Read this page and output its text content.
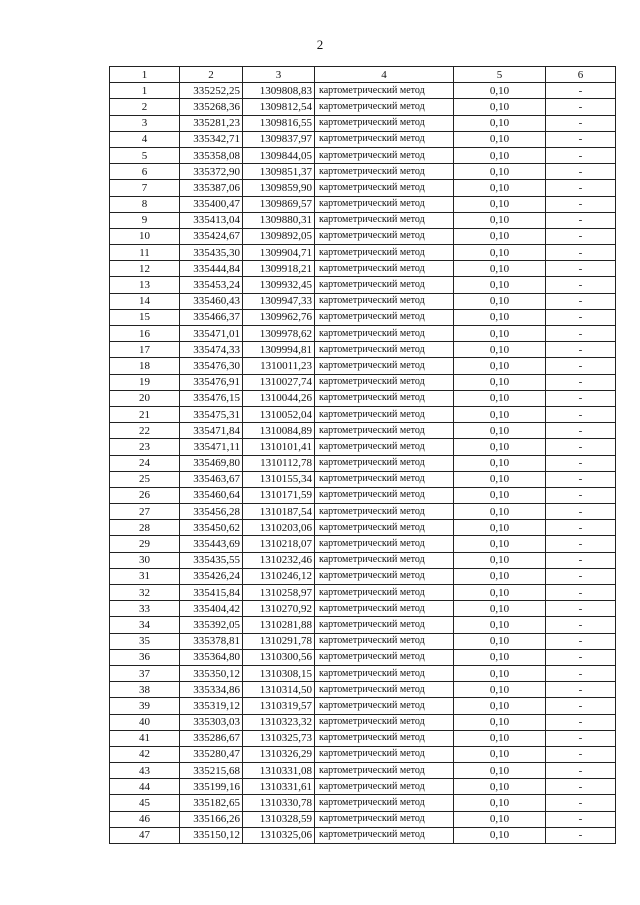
2
1	2	3	4	5	6
1	335252,25	1309808,83	картометрический метод	0,10	-
2	335268,36	1309812,54	картометрический метод	0,10	-
3	335281,23	1309816,55	картометрический метод	0,10	-
4	335342,71	1309837,97	картометрический метод	0,10	-
5	335358,08	1309844,05	картометрический метод	0,10	-
6	335372,90	1309851,37	картометрический метод	0,10	-
7	335387,06	1309859,90	картометрический метод	0,10	-
8	335400,47	1309869,57	картометрический метод	0,10	-
9	335413,04	1309880,31	картометрический метод	0,10	-
10	335424,67	1309892,05	картометрический метод	0,10	-
11	335435,30	1309904,71	картометрический метод	0,10	-
12	335444,84	1309918,21	картометрический метод	0,10	-
13	335453,24	1309932,45	картометрический метод	0,10	-
14	335460,43	1309947,33	картометрический метод	0,10	-
15	335466,37	1309962,76	картометрический метод	0,10	-
16	335471,01	1309978,62	картометрический метод	0,10	-
17	335474,33	1309994,81	картометрический метод	0,10	-
18	335476,30	1310011,23	картометрический метод	0,10	-
19	335476,91	1310027,74	картометрический метод	0,10	-
20	335476,15	1310044,26	картометрический метод	0,10	-
21	335475,31	1310052,04	картометрический метод	0,10	-
22	335471,84	1310084,89	картометрический метод	0,10	-
23	335471,11	1310101,41	картометрический метод	0,10	-
24	335469,80	1310112,78	картометрический метод	0,10	-
25	335463,67	1310155,34	картометрический метод	0,10	-
26	335460,64	1310171,59	картометрический метод	0,10	-
27	335456,28	1310187,54	картометрический метод	0,10	-
28	335450,62	1310203,06	картометрический метод	0,10	-
29	335443,69	1310218,07	картометрический метод	0,10	-
30	335435,55	1310232,46	картометрический метод	0,10	-
31	335426,24	1310246,12	картометрический метод	0,10	-
32	335415,84	1310258,97	картометрический метод	0,10	-
33	335404,42	1310270,92	картометрический метод	0,10	-
34	335392,05	1310281,88	картометрический метод	0,10	-
35	335378,81	1310291,78	картометрический метод	0,10	-
36	335364,80	1310300,56	картометрический метод	0,10	-
37	335350,12	1310308,15	картометрический метод	0,10	-
38	335334,86	1310314,50	картометрический метод	0,10	-
39	335319,12	1310319,57	картометрический метод	0,10	-
40	335303,03	1310323,32	картометрический метод	0,10	-
41	335286,67	1310325,73	картометрический метод	0,10	-
42	335280,47	1310326,29	картометрический метод	0,10	-
43	335215,68	1310331,08	картометрический метод	0,10	-
44	335199,16	1310331,61	картометрический метод	0,10	-
45	335182,65	1310330,78	картометрический метод	0,10	-
46	335166,26	1310328,59	картометрический метод	0,10	-
47	335150,12	1310325,06	картометрический метод	0,10	-
